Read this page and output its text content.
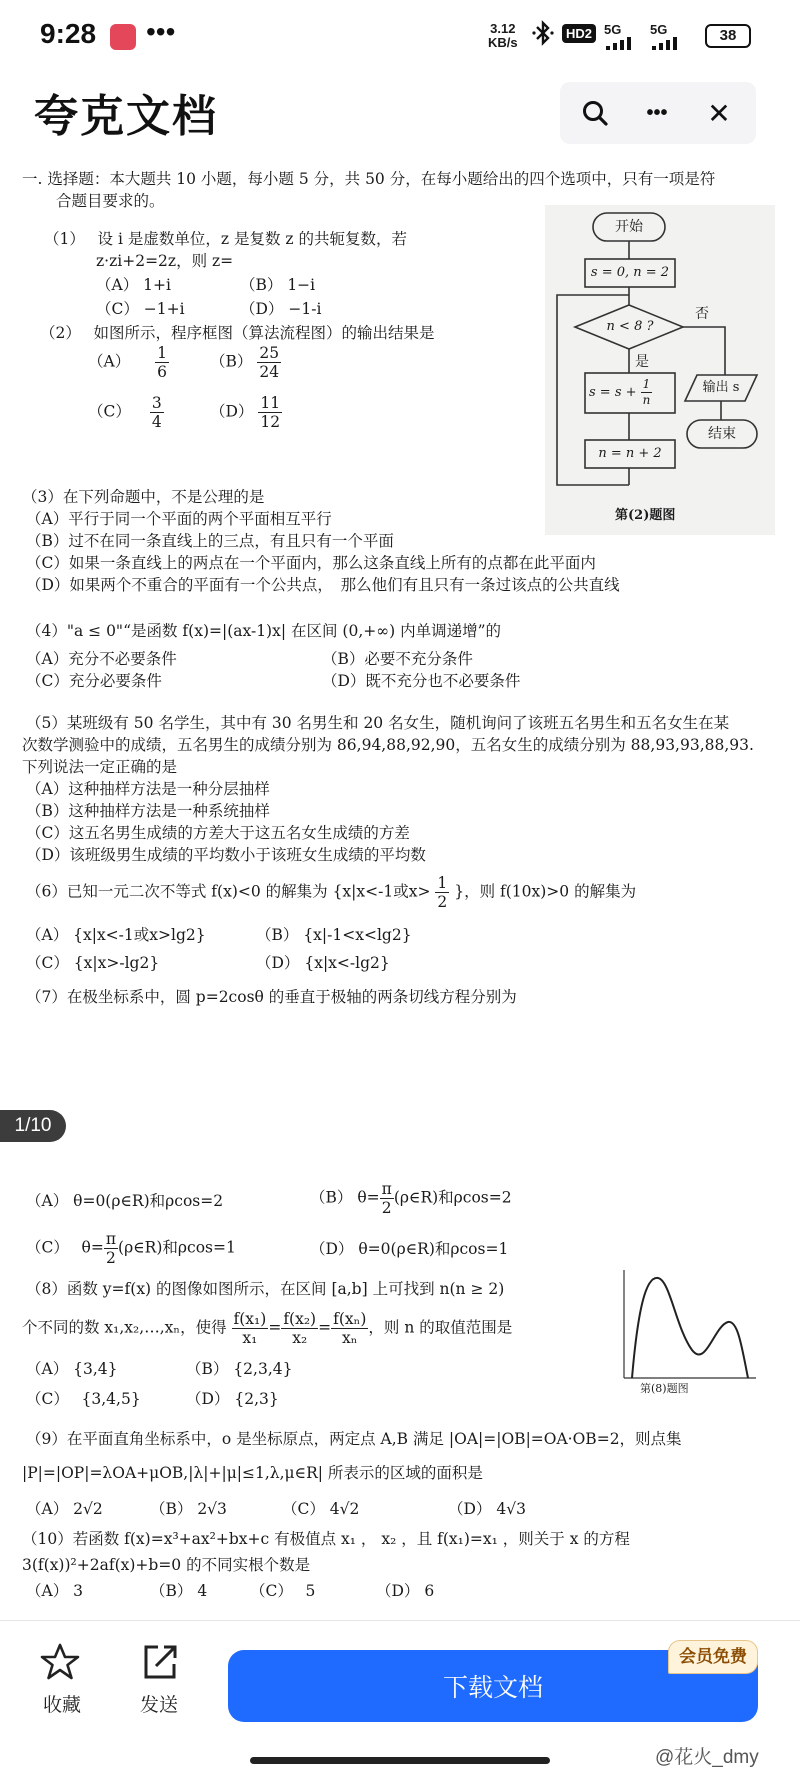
9:28 •••	3.12
KB/s
HD2 5G 5G	38
夸克文档	•••	✕
一. 选择题：本大题共 10 小题，每小题 5 分，共 50 分，在每小题给出的四个选项中，只有一项是符
合题目要求的。
（1）　 设 i 是虚数单位，z 是复数 z 的共轭复数，若
z·zi+2=2z，则 z=
（A） 1+i	（B） 1−i
（C） −1+i	（D） −1-i
（2）　 如图所示，程序框图（算法流程图）的输出结果是
$(A) \frac{1}{6}$	$(B) \frac{25}{24}$
$(C) \frac{3}{4}$	$(D) \frac{11}{12}$
开始
s = 0, n = 2
n < 8 ?
否
是
$s = s + \frac{1}{n}$	输出 s
结束
n = n + 2
第(2)题图
（3）在下列命题中，不是公理的是
（A）平行于同一个平面的两个平面相互平行
（B）过不在同一条直线上的三点，有且只有一个平面
（C）如果一条直线上的两点在一个平面内，那么这条直线上所有的点都在此平面内
（D）如果两个不重合的平面有一个公共点，　那么他们有且只有一条过该点的公共直线
（4）"a ≤ 0"“是函数 f(x)=|(ax-1)x| 在区间 (0,+∞) 内单调递增”的
（A）充分不必要条件	（B）必要不充分条件
（C）充分必要条件	（D）既不充分也不必要条件
（5）某班级有 50 名学生，其中有 30 名男生和 20 名女生，随机询问了该班五名男生和五名女生在某
次数学测验中的成绩，五名男生的成绩分别为 86,94,88,92,90，五名女生的成绩分别为 88,93,93,88,93.
下列说法一定正确的是
（A）这种抽样方法是一种分层抽样
（B）这种抽样方法是一种系统抽样
（C）这五名男生成绩的方差大于这五名女生成绩的方差
（D）该班级男生成绩的平均数小于该班女生成绩的平均数
（6）已知一元二次不等式 f(x)<0 的解集为 {x|x<-1或$x> \frac{1}{2}$ }，则 f(10x)>0 的解集为
（A） {x|x<-1或x>lg2}	（B） {x|-1<x<lg2}
（C） {x|x>-lg2}	（D） {x|x<-lg2}
（7）在极坐标系中，圆 p=2cosθ 的垂直于极轴的两条切线方程分别为
1/10
（A） θ=0(ρ∈R)和ρcos=2	（B） $\theta= \frac{\pi}{2}$ (ρ∈R)和ρcos=2
（C）　 $\theta= \frac{\pi}{2}$ (ρ∈R)和ρcos=1	（D） θ=0(ρ∈R)和ρcos=1
（8）函数 y=f(x) 的图像如图所示，在区间 [a,b] 上可找到 n(n ≥ 2)
个不同的数 x₁,x₂,…,xₙ，使得 $\frac{\text{f(x₁)}}{\text{x₁}} = \frac{\text{f(x₂)}}{\text{x₂}} = \frac{\text{f(xₙ)}}{\text{xₙ}}$ ，则 n 的取值范围是
（A） {3,4}	（B） {2,3,4}
（C）　 {3,4,5}	（D） {2,3}
第(8)题图
（9）在平面直角坐标系中，o 是坐标原点，两定点 A,B 满足 |OA|=|OB|=OA·OB=2，则点集
|P|=|OP|=λOA+μOB,|λ|+|μ|≤1,λ,μ∈R| 所表示的区域的面积是
（A） 2√2	（B） 2√3	（C） 4√2	（D） 4√3
（10）若函数 f(x)=x³+ax²+bx+c 有极值点 x₁ ， x₂ ，且 f(x₁)=x₁ ，则关于 x 的方程
3(f(x))²+2af(x)+b=0 的不同实根个数是
（A） 3	（B） 4	（C）　 5	（D） 6
收藏	发送
下载文档
会员免费
@花火_dmy
